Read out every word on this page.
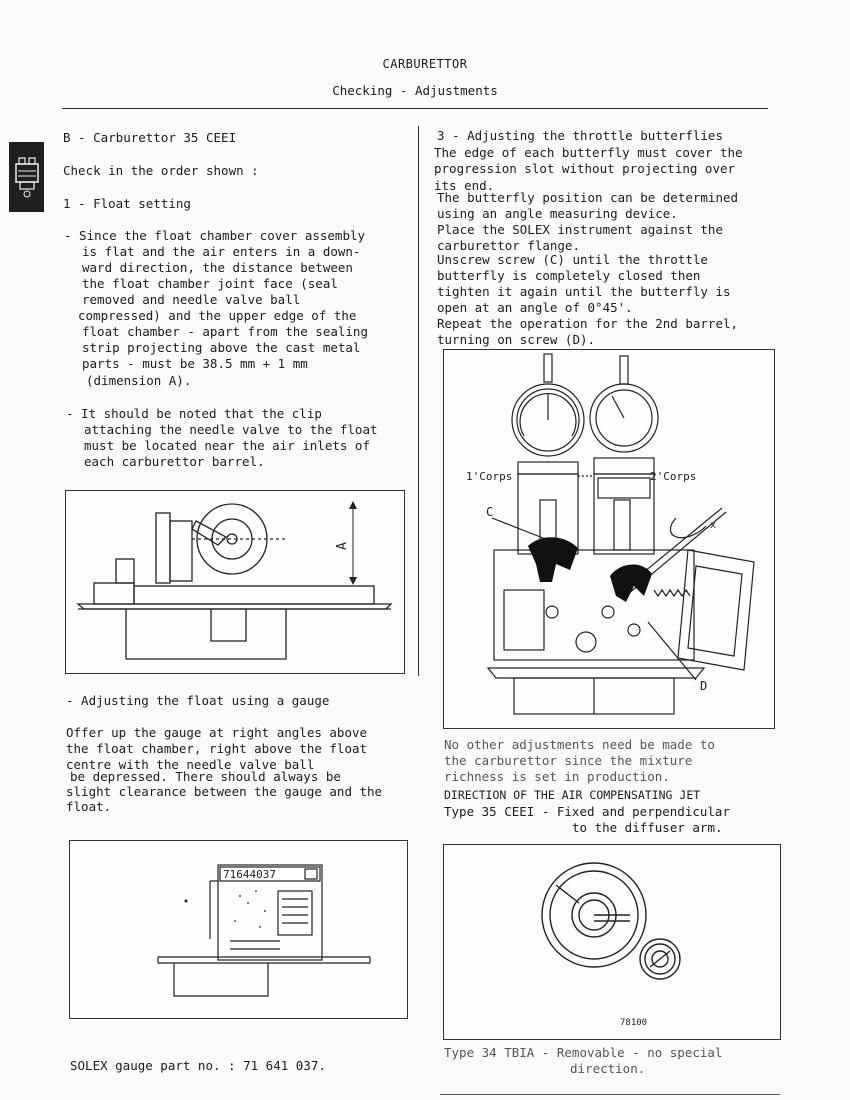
CARBURETTOR
Checking - Adjustments
B - Carburettor 35 CEEI
Check in the order shown :
1 - Float setting
- Since the float chamber cover assembly
is flat and the air enters in a down-
ward direction, the distance between
the float chamber joint face (seal
removed and needle valve ball
compressed) and the upper edge of the
float chamber - apart from the sealing
strip projecting above the cast metal
parts - must be 38.5 mm + 1 mm
(dimension A).
- It should be noted that the clip
attaching the needle valve to the float
must be located near the air inlets of
each carburettor barrel.
A
- Adjusting the float using a gauge
Offer up the gauge at right angles above
the float chamber, right above the float
centre with the needle valve ball
be depressed. There should always be
slight clearance between the gauge and the
float.
71644037
SOLEX gauge part no. : 71 641 037.
3 - Adjusting the throttle butterflies
The edge of each butterfly must cover the
progression slot without projecting over
its end.
The butterfly position can be determined
using an angle measuring device.
Place the SOLEX instrument against the
carburettor flange.
Unscrew screw (C) until the throttle
butterfly is completely closed then
tighten it again until the butterfly is
open at an angle of 0°45'.
Repeat the operation for the 2nd barrel,
turning on screw (D).
1'Corps	2'Corps
C
D
x
No other adjustments need be made to
the carburettor since the mixture
richness is set in production.
DIRECTION OF THE AIR COMPENSATING JET
Type 35 CEEI - Fixed and perpendicular
to the diffuser arm.
78100
Type 34 TBIA - Removable - no special
direction.
